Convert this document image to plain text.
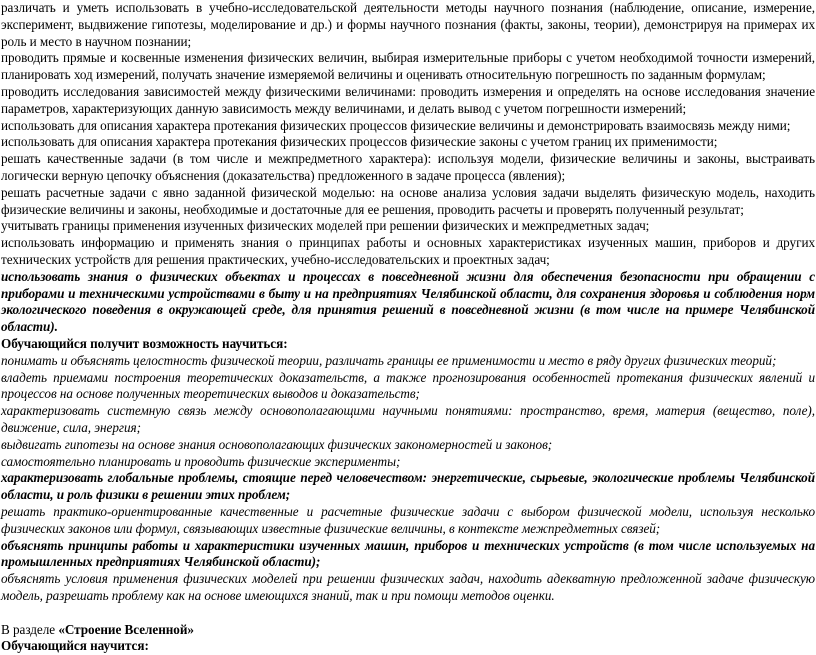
различать и уметь использовать в учебно-исследовательской деятельности методы научного познания (наблюдение, описание, измерение, эксперимент, выдвижение гипотезы, моделирование и др.) и формы научного познания (факты, законы, теории), демонстрируя на примерах их роль и место в научном познании;

проводить прямые и косвенные изменения физических величин, выбирая измерительные приборы с учетом необходимой точности измерений, планировать ход измерений, получать значение измеряемой величины и оценивать относительную погрешность по заданным формулам;

проводить исследования зависимостей между физическими величинами: проводить измерения и определять на основе исследования значение параметров, характеризующих данную зависимость между величинами, и делать вывод с учетом погрешности измерений;

использовать для описания характера протекания физических процессов физические величины и демонстрировать взаимосвязь между ними;

использовать для описания характера протекания физических процессов физические законы с учетом границ их применимости;

решать качественные задачи (в том числе и межпредметного характера): используя модели, физические величины и законы, выстраивать логически верную цепочку объяснения (доказательства) предложенного в задаче процесса (явления);

решать расчетные задачи с явно заданной физической моделью: на основе анализа условия задачи выделять физическую модель, находить физические величины и законы, необходимые и достаточные для ее решения, проводить расчеты и проверять полученный результат;

учитывать границы применения изученных физических моделей при решении физических и межпредметных задач;

использовать информацию и применять знания о принципах работы и основных характеристиках изученных машин, приборов и других технических устройств для решения практических, учебно-исследовательских и проектных задач;

использовать знания о физических объектах и процессах в повседневной жизни для обеспечения безопасности при обращении с приборами и техническими устройствами в быту и на предприятиях Челябинской области, для сохранения здоровья и соблюдения норм экологического поведения в окружающей среде, для принятия решений в повседневной жизни (в том числе на примере Челябинской области).

Обучающийся получит возможность научиться:

понимать и объяснять целостность физической теории, различать границы ее применимости и место в ряду других физических теорий;

владеть приемами построения теоретических доказательств, а также прогнозирования особенностей протекания физических явлений и процессов на основе полученных теоретических выводов и доказательств;

характеризовать системную связь между основополагающими научными понятиями: пространство, время, материя (вещество, поле), движение, сила, энергия;

выдвигать гипотезы на основе знания основополагающих физических закономерностей и законов;

самостоятельно планировать и проводить физические эксперименты;

характеризовать глобальные проблемы, стоящие перед человечеством: энергетические, сырьевые, экологические проблемы Челябинской области, и роль физики в решении этих проблем;

решать практико-ориентированные качественные и расчетные физические задачи с выбором физической модели, используя несколько физических законов или формул, связывающих известные физические величины, в контексте межпредметных связей;

объяснять принципы работы и характеристики изученных машин, приборов и технических устройств (в том числе используемых на промышленных предприятиях Челябинской области);

объяснять условия применения физических моделей при решении физических задач, находить адекватную предложенной задаче физическую модель, разрешать проблему как на основе имеющихся знаний, так и при помощи методов оценки.

В разделе «Строение Вселенной»

Обучающийся научится:
